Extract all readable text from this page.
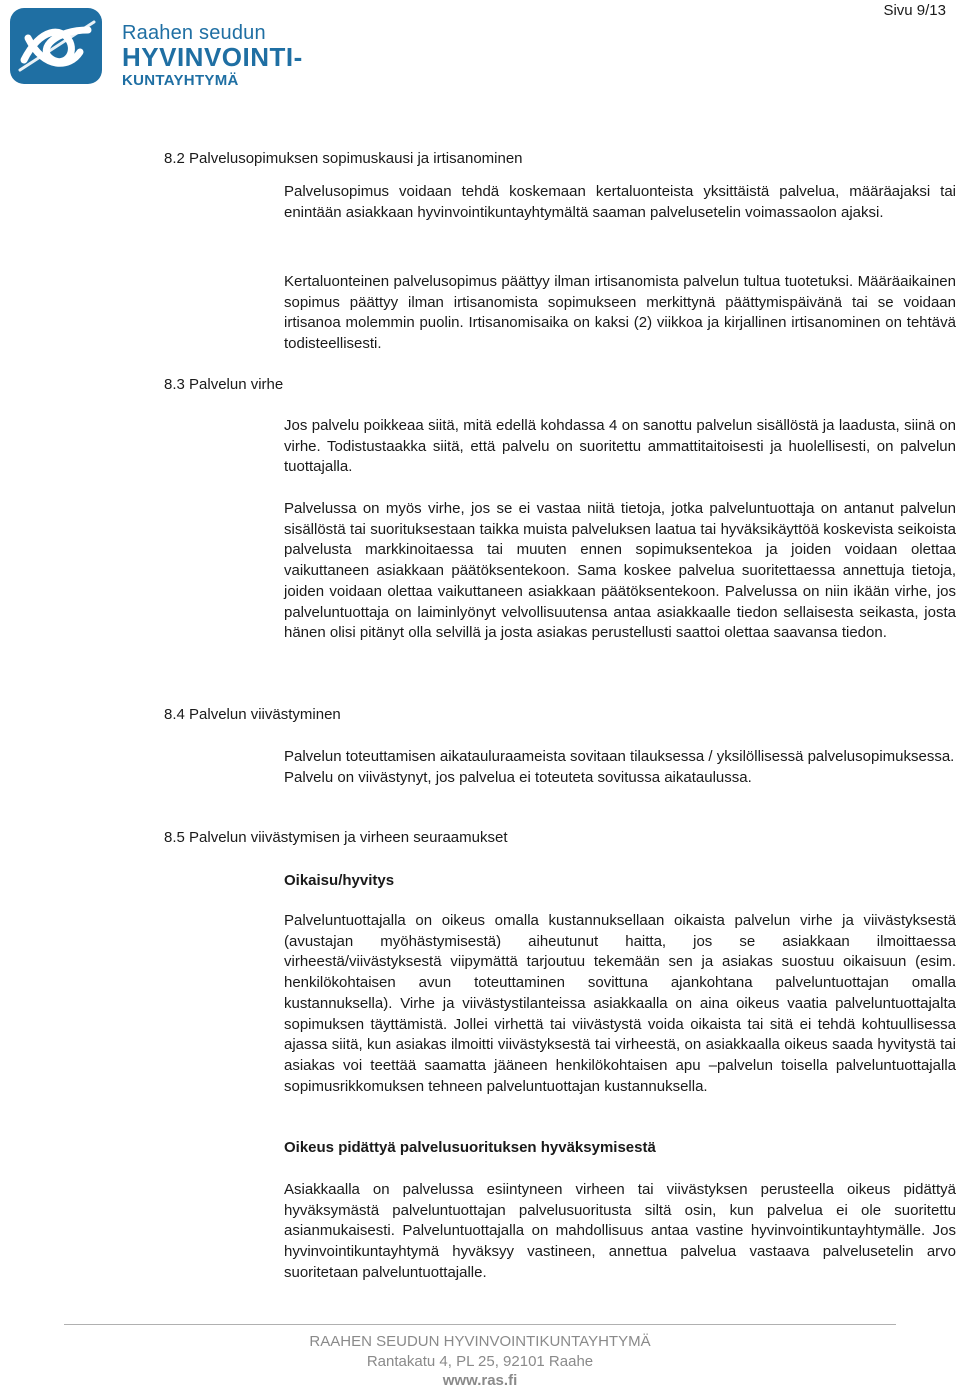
Sivu 9/13
Raahen seudun
HYVINVOINTI-
KUNTAYHTYMÄ
8.2 Palvelusopimuksen sopimuskausi ja irtisanominen
Palvelusopimus voidaan tehdä koskemaan kertaluonteista yksittäistä palvelua, määräajaksi tai enintään asiakkaan hyvinvointikuntayhtymältä saaman palvelusetelin voimassaolon ajaksi.
Kertaluonteinen palvelusopimus päättyy ilman irtisanomista palvelun tultua tuotetuksi. Määräaikainen sopimus päättyy ilman irtisanomista sopimukseen merkittynä päättymispäivänä tai se voidaan irtisanoa molemmin puolin. Irtisanomisaika on kaksi (2) viikkoa ja kirjallinen irtisanominen on tehtävä todisteellisesti.
8.3 Palvelun virhe
Jos palvelu poikkeaa siitä, mitä edellä kohdassa 4 on sanottu palvelun sisällöstä ja laadusta, siinä on virhe. Todistustaakka siitä, että palvelu on suoritettu ammattitaitoisesti ja huolellisesti, on palvelun tuottajalla.
Palvelussa on myös virhe, jos se ei vastaa niitä tietoja, jotka palveluntuottaja on antanut palvelun sisällöstä tai suorituksestaan taikka muista palveluksen laatua tai hyväksikäyttöä koskevista seikoista palvelusta markkinoitaessa tai muuten ennen sopimuksentekoa ja joiden voidaan olettaa vaikuttaneen asiakkaan päätöksentekoon. Sama koskee palvelua suoritettaessa annettuja tietoja, joiden voidaan olettaa vaikuttaneen asiakkaan päätöksentekoon. Palvelussa on niin ikään virhe, jos palveluntuottaja on laiminlyönyt velvollisuutensa antaa asiakkaalle tiedon sellaisesta seikasta, josta hänen olisi pitänyt olla selvillä ja josta asiakas perustellusti saattoi olettaa saavansa tiedon.
8.4 Palvelun viivästyminen
Palvelun toteuttamisen aikatauluraameista sovitaan tilauksessa / yksilöllisessä palvelusopimuksessa.
Palvelu on viivästynyt, jos palvelua ei toteuteta sovitussa aikataulussa.
8.5 Palvelun viivästymisen ja virheen seuraamukset
Oikaisu/hyvitys
Palveluntuottajalla on oikeus omalla kustannuksellaan oikaista palvelun virhe ja viivästyksestä (avustajan myöhästymisestä) aiheutunut haitta, jos se asiakkaan ilmoittaessa virheestä/viivästyksestä viipymättä tarjoutuu tekemään sen ja asiakas suostuu oikaisuun (esim. henkilökohtaisen avun toteuttaminen sovittuna ajankohtana palveluntuottajan omalla kustannuksella). Virhe ja viivästystilanteissa asiakkaalla on aina oikeus vaatia palveluntuottajalta sopimuksen täyttämistä. Jollei virhettä tai viivästystä voida oikaista tai sitä ei tehdä kohtuullisessa ajassa siitä, kun asiakas ilmoitti viivästyksestä tai virheestä, on asiakkaalla oikeus saada hyvitystä tai asiakas voi teettää saamatta jääneen henkilökohtaisen apu –palvelun toisella palveluntuottajalla sopimusrikkomuksen tehneen palveluntuottajan kustannuksella.
Oikeus pidättyä palvelusuorituksen hyväksymisestä
Asiakkaalla on palvelussa esiintyneen virheen tai viivästyksen perusteella oikeus pidättyä hyväksymästä palveluntuottajan palvelusuoritusta siltä osin, kun palvelua ei ole suoritettu asianmukaisesti. Palveluntuottajalla on mahdollisuus antaa vastine hyvinvointikuntayhtymälle. Jos hyvinvointikuntayhtymä hyväksyy vastineen, annettua palvelua vastaava palvelusetelin arvo suoritetaan palveluntuottajalle.
RAAHEN SEUDUN HYVINVOINTIKUNTAYHTYMÄ
Rantakatu 4, PL 25, 92101 Raahe
www.ras.fi
